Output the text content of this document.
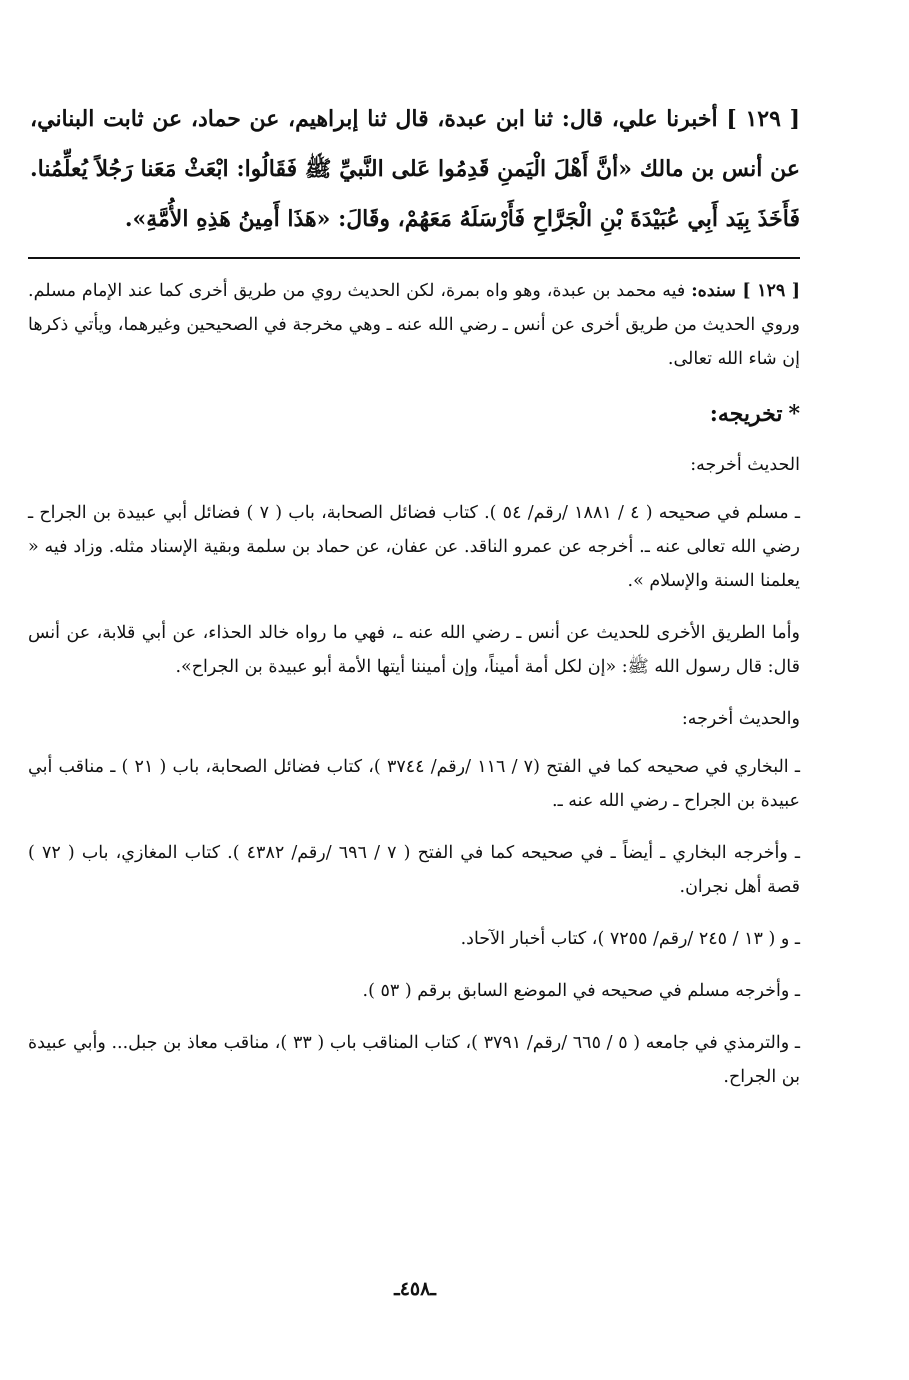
[ ١٢٩ ] أخبرنا علي، قال: ثنا ابن عبدة، قال ثنا إبراهيم، عن حماد، عن ثابت البناني، عن أنس بن مالك «أنَّ أَهْلَ الْيَمنِ قَدِمُوا عَلى النَّبيِّ ﷺ فَقَالُوا: ابْعَثْ مَعَنا رَجُلاً يُعلِّمُنا. فَأَخَذَ بِيَد أَبِي عُبَيْدَةَ بْنِ الْجَرَّاحِ فَأَرْسَلَهُ مَعَهُمْ، وقَالَ: «هَذَا أَمِينُ هَذِهِ الأُمَّةِ».

[ ١٢٩ ] سنده: فيه محمد بن عبدة، وهو واه بمرة، لكن الحديث روي من طريق أخرى كما عند الإمام مسلم. وروي الحديث من طريق أخرى عن أنس ـ رضي الله عنه ـ وهي مخرجة في الصحيحين وغيرهما، ويأتي ذكرها إن شاء الله تعالى.

*تخريجه:

الحديث أخرجه:

ـ مسلم في صحيحه ( ٤ / ١٨٨١ /رقم/ ٥٤ ). كتاب فضائل الصحابة، باب ( ٧ ) فضائل أبي عبيدة بن الجراح ـ رضي الله تعالى عنه ـ. أخرجه عن عمرو الناقد. عن عفان، عن حماد بن سلمة وبقية الإسناد مثله. وزاد فيه « يعلمنا السنة والإسلام ».

وأما الطريق الأخرى للحديث عن أنس ـ رضي الله عنه ـ، فهي ما رواه خالد الحذاء، عن أبي قلابة، عن أنس قال: قال رسول الله ﷺ: «إن لكل أمة أميناً، وإن أميننا أيتها الأمة أبو عبيدة بن الجراح».

والحديث أخرجه:

ـ البخاري في صحيحه كما في الفتح (٧ / ١١٦ /رقم/ ٣٧٤٤ )، كتاب فضائل الصحابة، باب ( ٢١ ) ـ مناقب أبي عبيدة بن الجراح ـ رضي الله عنه ـ.

ـ وأخرجه البخاري ـ أيضاً ـ في صحيحه كما في الفتح ( ٧ / ٦٩٦ /رقم/ ٤٣٨٢ ). كتاب المغازي، باب ( ٧٢ ) قصة أهل نجران.

ـ و ( ١٣ / ٢٤٥ /رقم/ ٧٢٥٥ )، كتاب أخبار الآحاد.

ـ وأخرجه مسلم في صحيحه في الموضع السابق برقم ( ٥٣ ).

ـ والترمذي في جامعه ( ٥ / ٦٦٥ /رقم/ ٣٧٩١ )، كتاب المناقب باب ( ٣٣ )، مناقب معاذ بن جبل... وأبي عبيدة بن الجراح.

ـ٤٥٨ـ
